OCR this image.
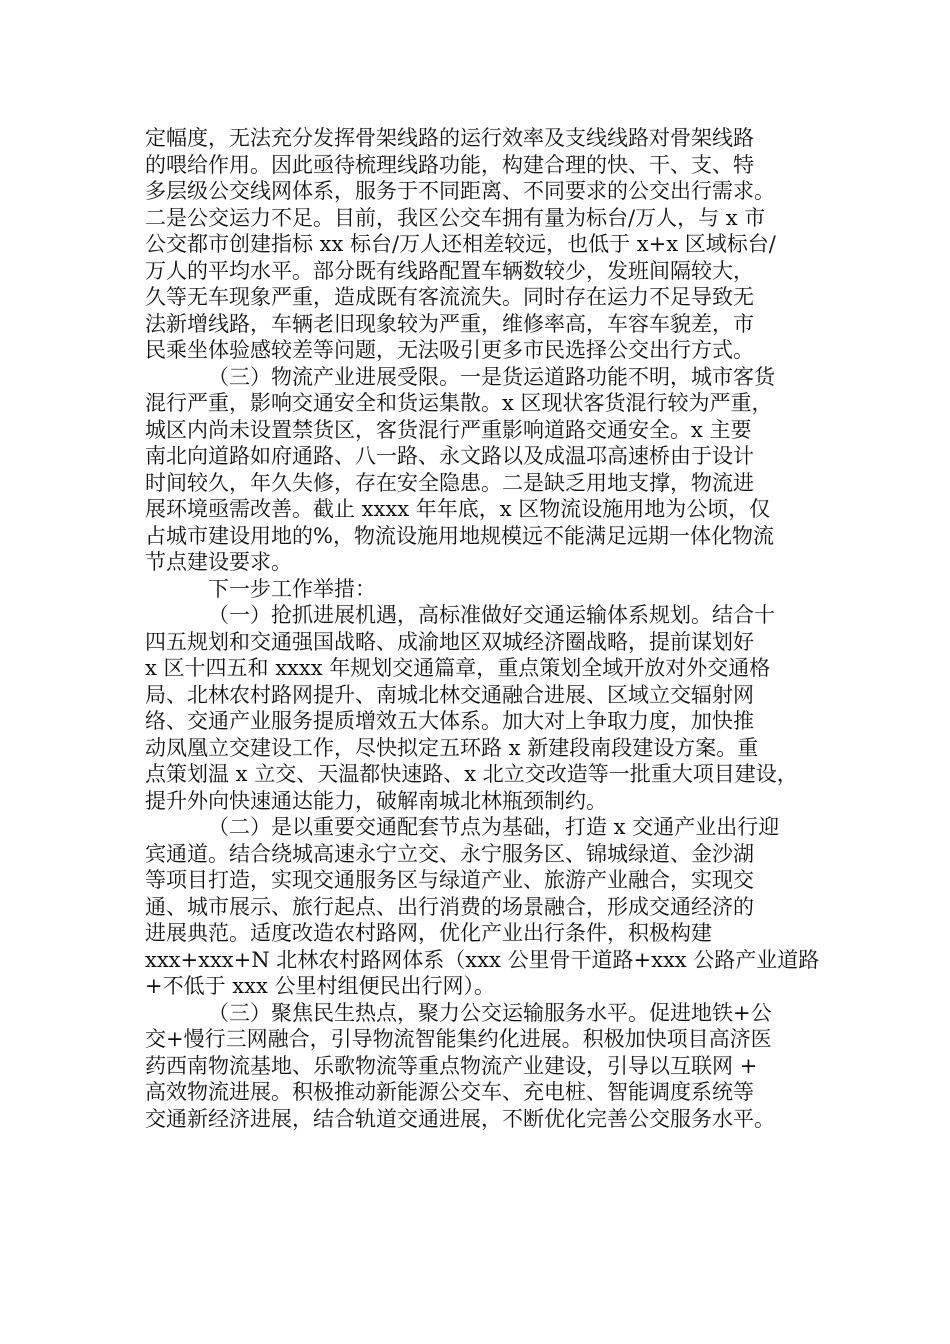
定幅度，无法充分发挥骨架线路的运行效率及支线线路对骨架线路
的喂给作用。因此亟待梳理线路功能，构建合理的快、干、支、特
多层级公交线网体系，服务于不同距离、不同要求的公交出行需求。
二是公交运力不足。目前，我区公交车拥有量为标台/万人，与 x 市
公交都市创建指标 xx 标台/万人还相差较远，也低于 x+x 区域标台/
万人的平均水平。部分既有线路配置车辆数较少，发班间隔较大，
久等无车现象严重，造成既有客流流失。同时存在运力不足导致无
法新增线路，车辆老旧现象较为严重，维修率高，车容车貌差，市
民乘坐体验感较差等问题，无法吸引更多市民选择公交出行方式。
（三）物流产业进展受限。一是货运道路功能不明，城市客货
混行严重，影响交通安全和货运集散。x 区现状客货混行较为严重，
城区内尚未设置禁货区，客货混行严重影响道路交通安全。x 主要
南北向道路如府通路、八一路、永文路以及成温邛高速桥由于设计
时间较久，年久失修，存在安全隐患。二是缺乏用地支撑，物流进
展环境亟需改善。截止 xxxx 年年底，x 区物流设施用地为公顷，仅
占城市建设用地的%，物流设施用地规模远不能满足远期一体化物流
节点建设要求。
下一步工作举措：
（一）抢抓进展机遇，高标准做好交通运输体系规划。结合十
四五规划和交通强国战略、成渝地区双城经济圈战略，提前谋划好
x 区十四五和 xxxx 年规划交通篇章，重点策划全域开放对外交通格
局、北林农村路网提升、南城北林交通融合进展、区域立交辐射网
络、交通产业服务提质增效五大体系。加大对上争取力度，加快推
动凤凰立交建设工作，尽快拟定五环路 x 新建段南段建设方案。重
点策划温 x 立交、天温都快速路、x 北立交改造等一批重大项目建设，
提升外向快速通达能力，破解南城北林瓶颈制约。
（二）是以重要交通配套节点为基础，打造 x 交通产业出行迎
宾通道。结合绕城高速永宁立交、永宁服务区、锦城绿道、金沙湖
等项目打造，实现交通服务区与绿道产业、旅游产业融合，实现交
通、城市展示、旅行起点、出行消费的场景融合，形成交通经济的
进展典范。适度改造农村路网，优化产业出行条件，积极构建
xxx+xxx+N 北林农村路网体系（xxx 公里骨干道路+xxx 公路产业道路
+不低于 xxx 公里村组便民出行网）。
（三）聚焦民生热点，聚力公交运输服务水平。促进地铁+公
交+慢行三网融合，引导物流智能集约化进展。积极加快项目高济医
药西南物流基地、乐歌物流等重点物流产业建设，引导以互联网 +
高效物流进展。积极推动新能源公交车、充电桩、智能调度系统等
交通新经济进展，结合轨道交通进展，不断优化完善公交服务水平。
